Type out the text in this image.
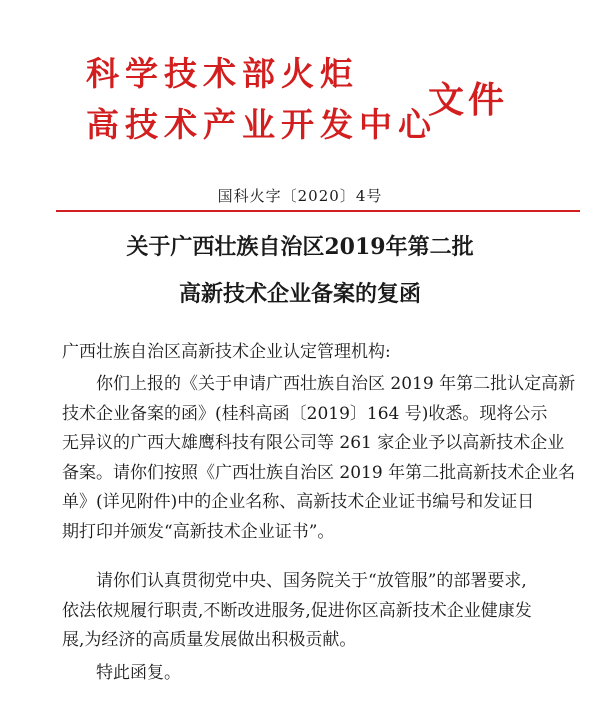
科学技术部火炬
高技术产业开发中心
文件
国科火字〔2020〕4号
关于广西壮族自治区2019年第二批
高新技术企业备案的复函
广西壮族自治区高新技术企业认定管理机构:
你们上报的《关于申请广西壮族自治区 2019 年第二批认定高新
技术企业备案的函》(桂科高函〔2019〕164 号)收悉。现将公示
无异议的广西大雄鹰科技有限公司等 261 家企业予以高新技术企业
备案。请你们按照《广西壮族自治区 2019 年第二批高新技术企业名
单》(详见附件)中的企业名称、高新技术企业证书编号和发证日
期打印并颁发“高新技术企业证书”。
请你们认真贯彻党中央、国务院关于“放管服”的部署要求,
依法依规履行职责,不断改进服务,促进你区高新技术企业健康发
展,为经济的高质量发展做出积极贡献。
特此函复。
